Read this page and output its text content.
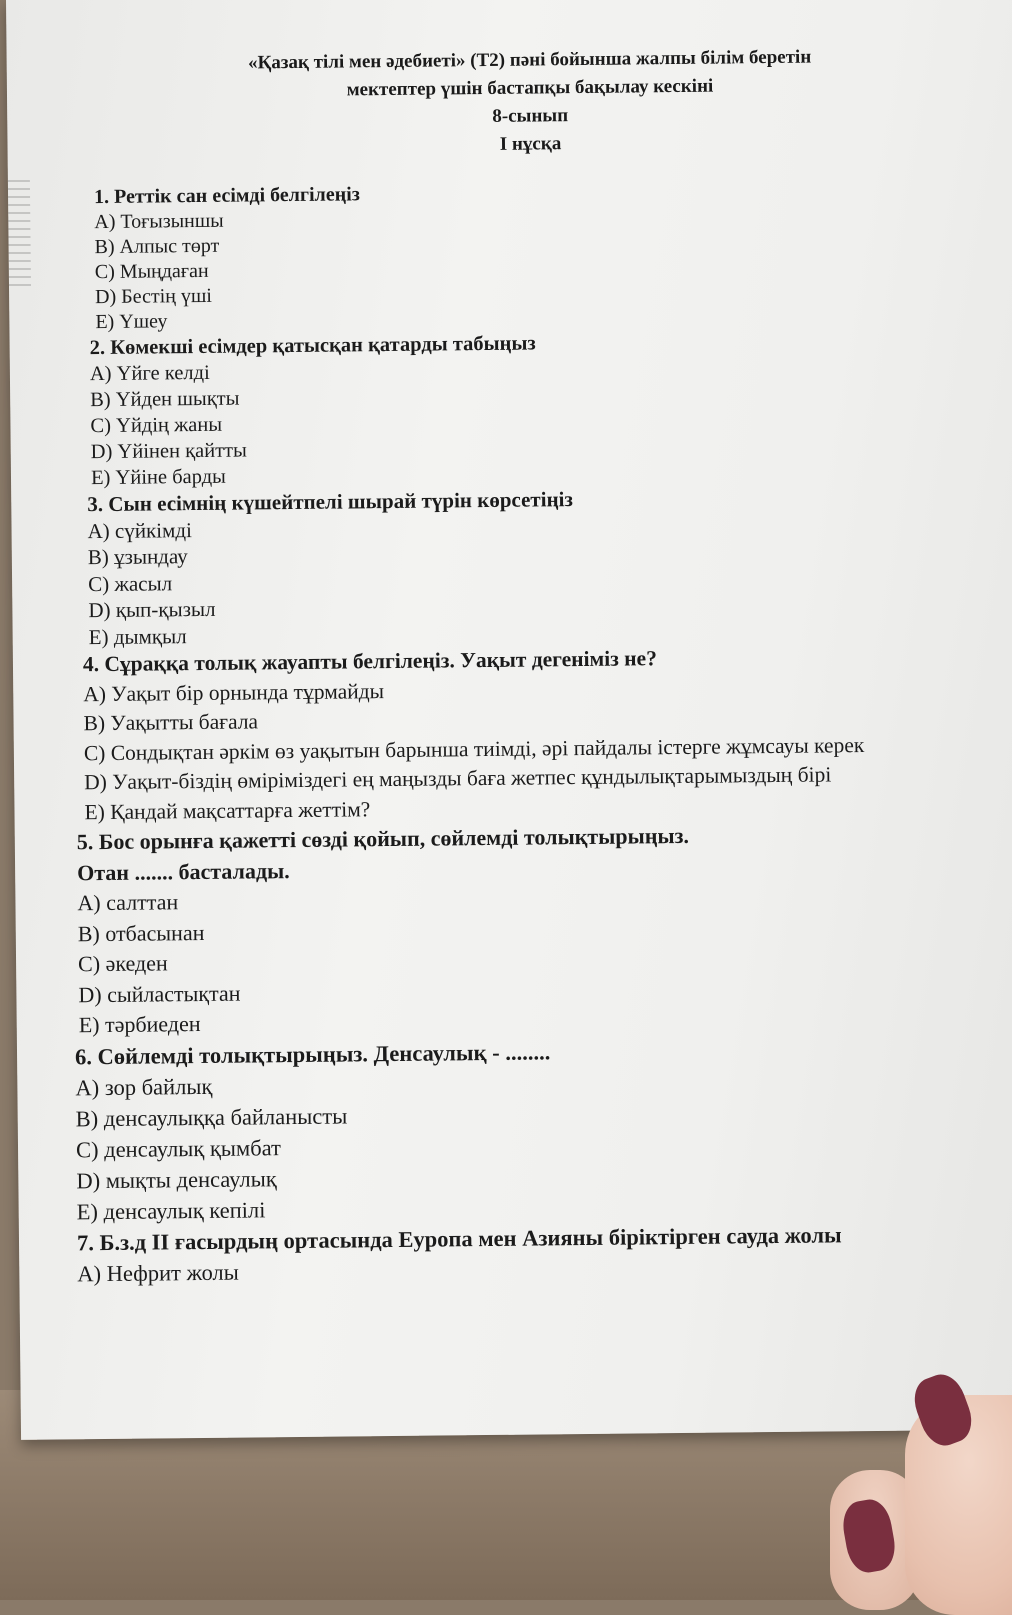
«Қазақ тілі мен әдебиеті» (Т2) пәні бойынша жалпы білім беретін
мектептер үшін бастапқы бақылау кескіні
8-сынып
I нұсқа
1. Реттік сан есімді белгілеңіз
A) Тоғызыншы
B) Алпыс төрт
C) Мыңдаған
D) Бестің үші
E) Үшеу
2. Көмекші есімдер қатысқан қатарды табыңыз
A) Үйге келді
B) Үйден шықты
C) Үйдің жаны
D) Үйінен қайтты
E) Үйіне барды
3. Сын есімнің күшейтпелі шырай түрін көрсетіңіз
A) сүйкімді
B) ұзындау
C) жасыл
D) қып-қызыл
E) дымқыл
4. Сұраққа толық жауапты белгілеңіз. Уақыт дегеніміз не?
A) Уақыт бір орнында тұрмайды
B) Уақытты бағала
C) Сондықтан әркім өз уақытын барынша тиімді, әрі пайдалы істерге жұмсауы керек
D) Уақыт-біздің өміріміздегі ең маңызды баға жетпес құндылықтарымыздың бірі
E) Қандай мақсаттарға жеттім?
5. Бос орынға қажетті сөзді қойып, сөйлемді толықтырыңыз.
Отан ....... басталады.
A) салттан
B) отбасынан
C) әкеден
D) сыйластықтан
E) тәрбиеден
6. Сөйлемді толықтырыңыз. Денсаулық - ........
A) зор байлық
B) денсаулыққа байланысты
C) денсаулық қымбат
D) мықты денсаулық
E) денсаулық кепілі
7. Б.з.д II ғасырдың ортасында Еуропа мен Азияны біріктірген сауда жолы
A) Нефрит жолы
